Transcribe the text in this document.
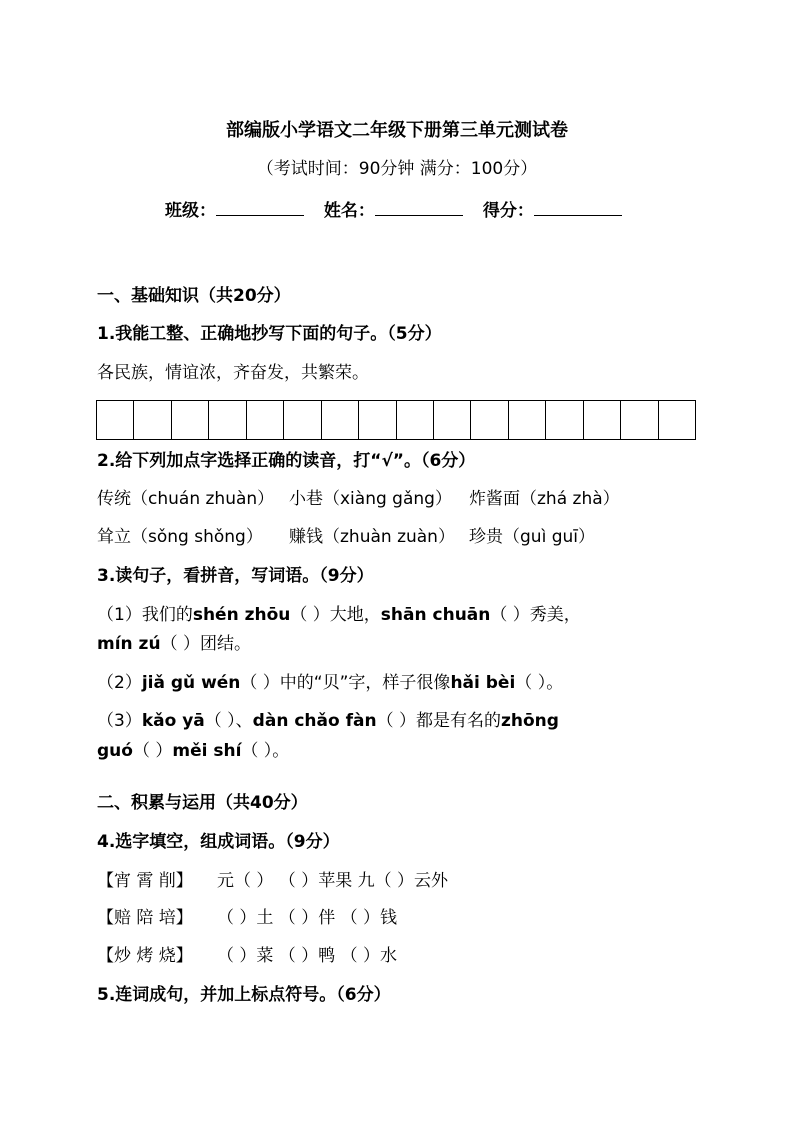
部编版小学语文二年级下册第三单元测试卷
（考试时间：90分钟 满分：100分）
班级：	姓名：	得分：
一、基础知识（共20分）
1.我能工整、正确地抄写下面的句子。（5分）
各民族，情谊浓，齐奋发，共繁荣。
2.给下列加点字选择正确的读音，打“√”。（6分）
传统（chuán zhuàn） 小巷（xiàng gǎng） 炸酱面（zhá zhà）
耸立（sǒng shǒng） 赚钱（zhuàn zuàn） 珍贵（guì guī）
3.读句子，看拼音，写词语。（9分）
（1）我们的shén zhōu（ ）大地，shān chuān（ ）秀美，
mín zú（ ）团结。
（2）jiǎ gǔ wén（ ）中的“贝”字，样子很像hǎi bèi（ ）。
（3）kǎo yā（ ）、dàn chǎo fàn（ ）都是有名的zhōng
guó（ ）měi shí（ ）。
二、积累与运用（共40分）
4.选字填空，组成词语。（9分）
【宵 霄 削】 元（ ） （ ）苹果 九（ ）云外
【赔 陪 培】 （ ）土 （ ）伴 （ ）钱
【炒 烤 烧】 （ ）菜 （ ）鸭 （ ）水
5.连词成句，并加上标点符号。（6分）
